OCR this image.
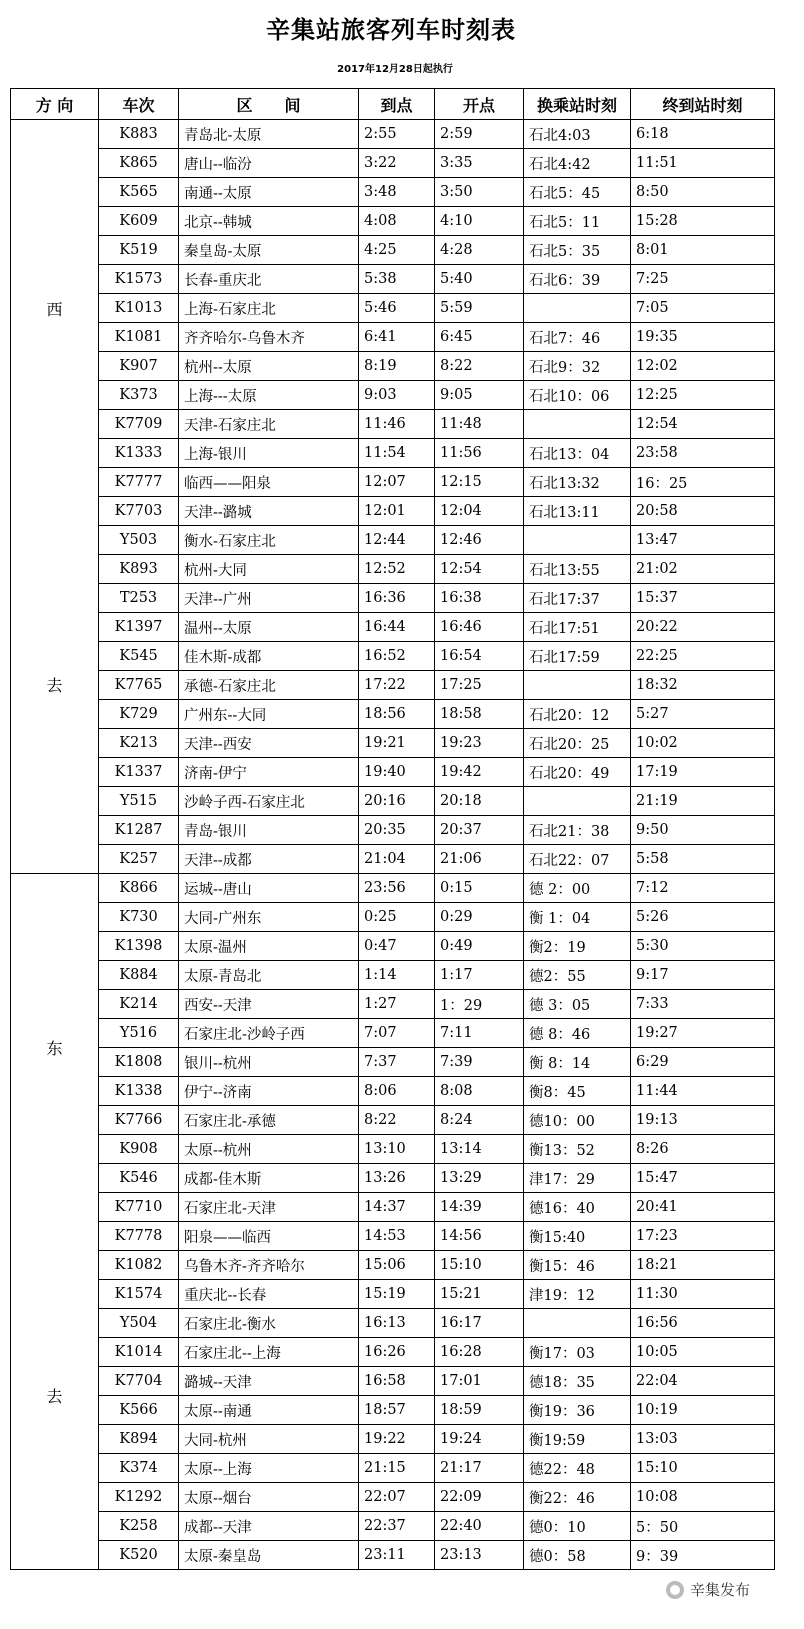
辛集站旅客列车时刻表
2017年12月28日起执行
方 向	车次	区　　间	到点	开点	换乘站时刻	终到站时刻

西
去	K883	青岛北-太原	2:55	2:59	石北4:03	6:18
	K865	唐山--临汾	3:22	3:35	石北4:42	11:51
	K565	南通--太原	3:48	3:50	石北5：45	8:50
	K609	北京--韩城	4:08	4:10	石北5：11	15:28
	K519	秦皇岛-太原	4:25	4:28	石北5：35	8:01
	K1573	长春-重庆北	5:38	5:40	石北6：39	7:25
	K1013	上海-石家庄北	5:46	5:59		7:05
	K1081	齐齐哈尔-乌鲁木齐	6:41	6:45	石北7：46	19:35
	K907	杭州--太原	8:19	8:22	石北9：32	12:02
	K373	上海---太原	9:03	9:05	石北10：06	12:25
	K7709	天津-石家庄北	11:46	11:48		12:54
	K1333	上海-银川	11:54	11:56	石北13：04	23:58
	K7777	临西——阳泉	12:07	12:15	石北13:32	16：25
	K7703	天津--潞城	12:01	12:04	石北13:11	20:58
	Y503	衡水-石家庄北	12:44	12:46		13:47
	K893	杭州-大同	12:52	12:54	石北13:55	21:02
	T253	天津--广州	16:36	16:38	石北17:37	15:37
	K1397	温州--太原	16:44	16:46	石北17:51	20:22
	K545	佳木斯-成都	16:52	16:54	石北17:59	22:25
	K7765	承德-石家庄北	17:22	17:25		18:32
	K729	广州东--大同	18:56	18:58	石北20：12	5:27
	K213	天津--西安	19:21	19:23	石北20：25	10:02
	K1337	济南-伊宁	19:40	19:42	石北20：49	17:19
	Y515	沙岭子西-石家庄北	20:16	20:18		21:19
	K1287	青岛-银川	20:35	20:37	石北21：38	9:50
	K257	天津--成都	21:04	21:06	石北22：07	5:58

东
去	K866	运城--唐山	23:56	0:15	德 2：00	7:12
	K730	大同-广州东	0:25	0:29	衡 1：04	5:26
	K1398	太原-温州	0:47	0:49	衡2：19	5:30
	K884	太原-青岛北	1:14	1:17	德2：55	9:17
	K214	西安--天津	1:27	1：29	德 3：05	7:33
	Y516	石家庄北-沙岭子西	7:07	7:11	德 8：46	19:27
	K1808	银川--杭州	7:37	7:39	衡 8：14	6:29
	K1338	伊宁--济南	8:06	8:08	衡8：45	11:44
	K7766	石家庄北-承德	8:22	8:24	德10：00	19:13
	K908	太原--杭州	13:10	13:14	衡13：52	8:26
	K546	成都-佳木斯	13:26	13:29	津17：29	15:47
	K7710	石家庄北-天津	14:37	14:39	德16：40	20:41
	K7778	阳泉——临西	14:53	14:56	衡15:40	17:23
	K1082	乌鲁木齐-齐齐哈尔	15:06	15:10	衡15：46	18:21
	K1574	重庆北--长春	15:19	15:21	津19：12	11:30
	Y504	石家庄北-衡水	16:13	16:17		16:56
	K1014	石家庄北--上海	16:26	16:28	衡17：03	10:05
	K7704	潞城--天津	16:58	17:01	德18：35	22:04
	K566	太原--南通	18:57	18:59	衡19：36	10:19
	K894	大同-杭州	19:22	19:24	衡19:59	13:03
	K374	太原--上海	21:15	21:17	德22：48	15:10
	K1292	太原--烟台	22:07	22:09	衡22：46	10:08
	K258	成都--天津	22:37	22:40	德0：10	5：50
	K520	太原-秦皇岛	23:11	23:13	德0：58	9：39
辛集发布
